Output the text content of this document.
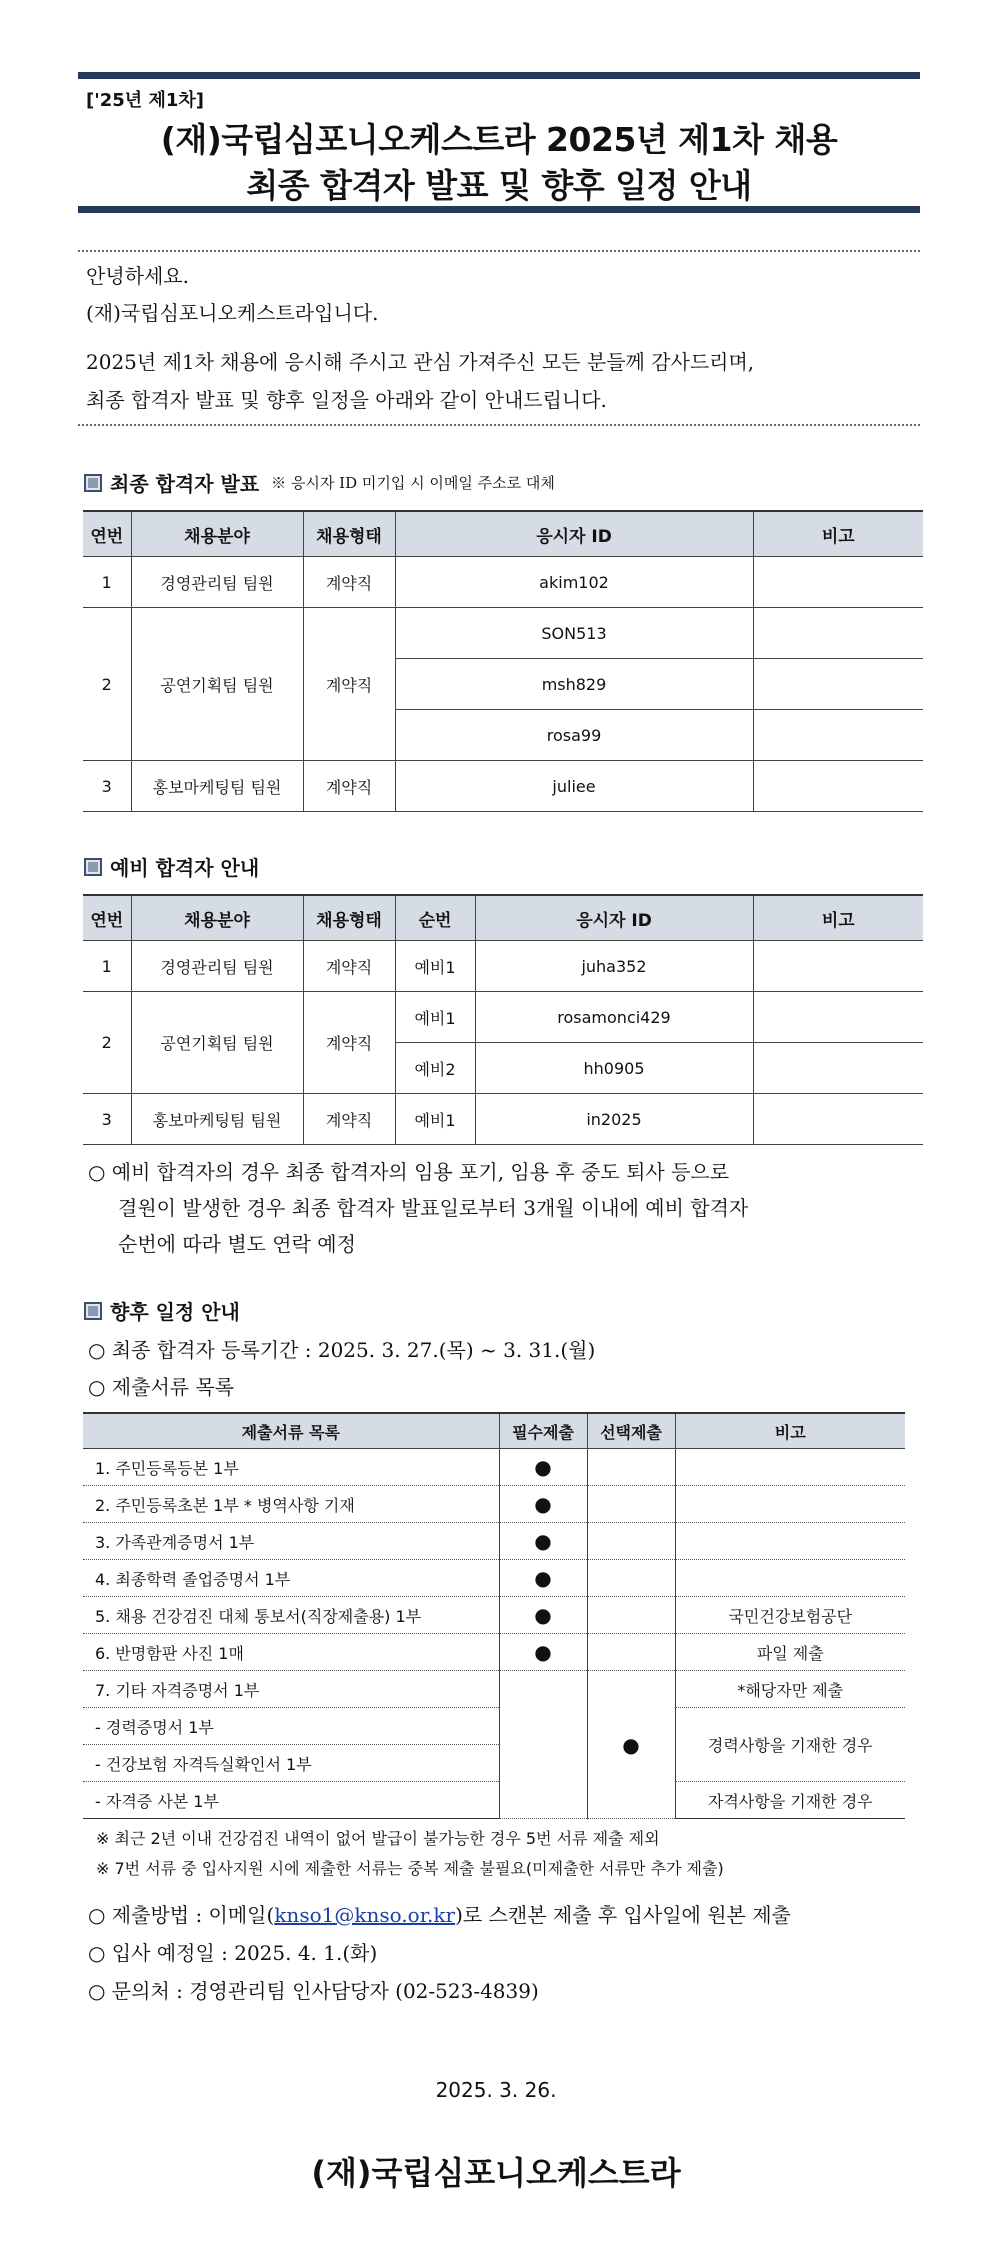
['25년 제1차]
(재)국립심포니오케스트라 2025년 제1차 채용
최종 합격자 발표 및 향후 일정 안내
안녕하세요.
(재)국립심포니오케스트라입니다.
2025년 제1차 채용에 응시해 주시고 관심 가져주신 모든 분들께 감사드리며,
최종 합격자 발표 및 향후 일정을 아래와 같이 안내드립니다.
최종 합격자 발표 ※ 응시자 ID 미기입 시 이메일 주소로 대체
연번	채용분야	채용형태	응시자 ID	비고
1	경영관리팀 팀원	계약직	akim102	
2	공연기획팀 팀원	계약직	SON513	
			msh829	
			rosa99	
3	홍보마케팅팀 팀원	계약직	juliee	
예비 합격자 안내
연번	채용분야	채용형태	순번	응시자 ID	비고
1	경영관리팀 팀원	계약직	예비1	juha352	
2	공연기획팀 팀원	계약직	예비1	rosamonci429	
			예비2	hh0905	
3	홍보마케팅팀 팀원	계약직	예비1	in2025	
○ 예비 합격자의 경우 최종 합격자의 임용 포기, 임용 후 중도 퇴사 등으로
결원이 발생한 경우 최종 합격자 발표일로부터 3개월 이내에 예비 합격자
순번에 따라 별도 연락 예정
향후 일정 안내
○ 최종 합격자 등록기간 : 2025. 3. 27.(목) ~ 3. 31.(월)
○ 제출서류 목록
제출서류 목록	필수제출	선택제출	비고
1. 주민등록등본 1부	●		
2. 주민등록초본 1부 * 병역사항 기재	●		
3. 가족관계증명서 1부	●		
4. 최종학력 졸업증명서 1부	●		
5. 채용 건강검진 대체 통보서(직장제출용) 1부	●		국민건강보험공단
6. 반명함판 사진 1매	●		파일 제출
7. 기타 자격증명서 1부		●	*해당자만 제출
- 경력증명서 1부			경력사항을 기재한 경우
- 건강보험 자격득실확인서 1부			
- 자격증 사본 1부			자격사항을 기재한 경우
※ 최근 2년 이내 건강검진 내역이 없어 발급이 불가능한 경우 5번 서류 제출 제외
※ 7번 서류 중 입사지원 시에 제출한 서류는 중복 제출 불필요(미제출한 서류만 추가 제출)
○ 제출방법 : 이메일(knso1@knso.or.kr)로 스캔본 제출 후 입사일에 원본 제출
○ 입사 예정일 : 2025. 4. 1.(화)
○ 문의처 : 경영관리팀 인사담당자 (02-523-4839)
2025. 3. 26.
(재)국립심포니오케스트라
